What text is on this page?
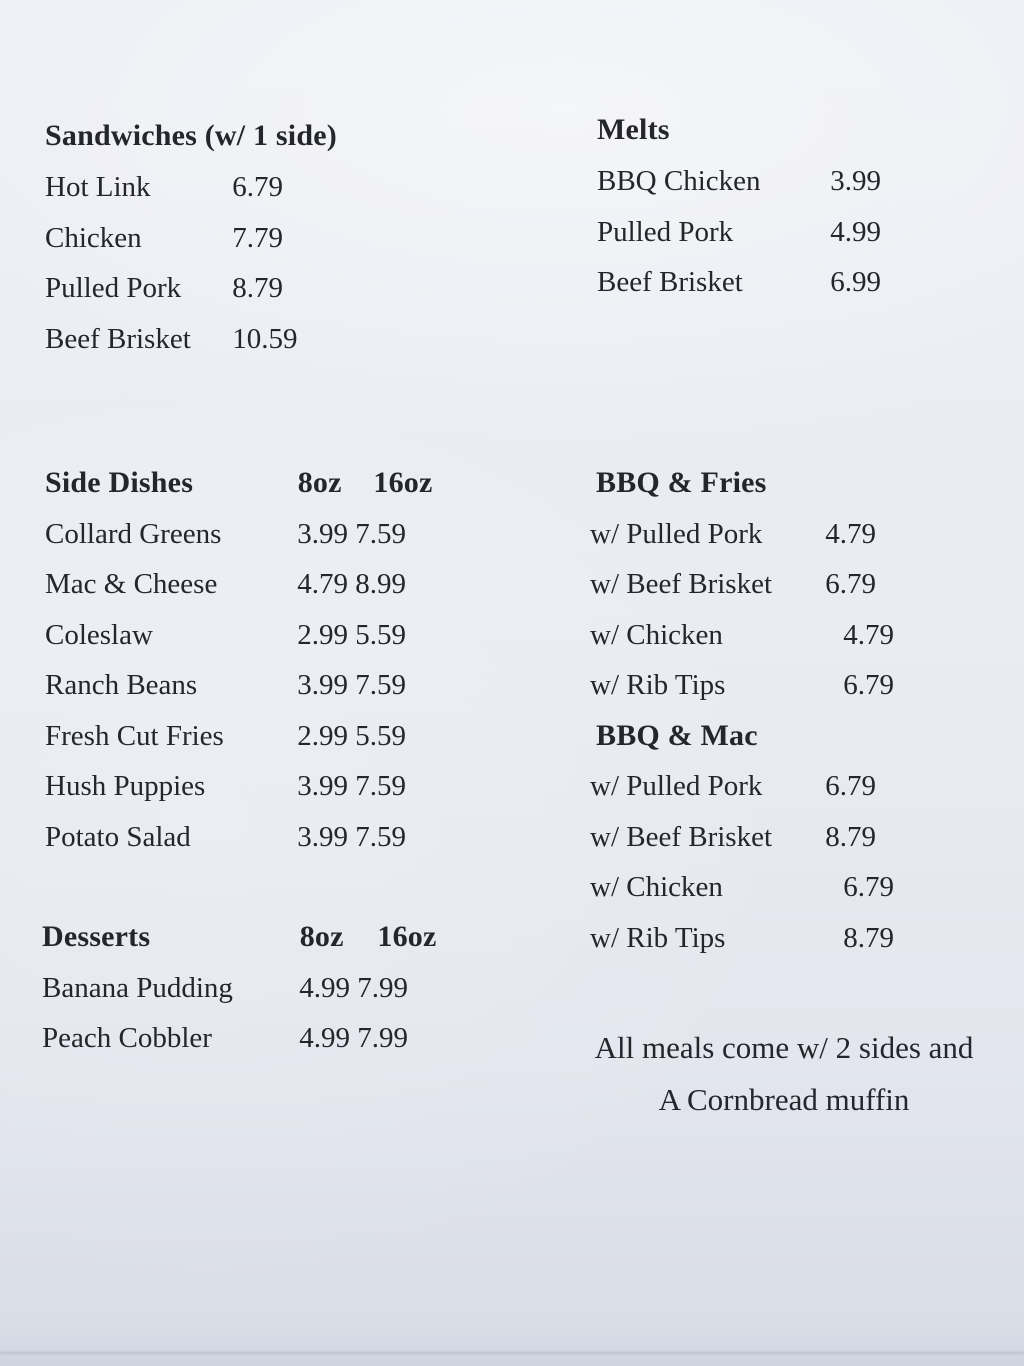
Sandwiches (w/ 1 side)
Hot Link	6.79
Chicken	7.79
Pulled Pork 8.79
Beef Brisket 10.59
Melts
BBQ Chicken 3.99
Pulled Pork	4.99
Beef Brisket	6.99
Side Dishes	8oz 16oz
Collard Greens	3.99 7.59
Mac & Cheese	4.79 8.99
Coleslaw	2.99 5.59
Ranch Beans	3.99 7.59
Fresh Cut Fries	2.99 5.59
Hush Puppies	3.99 7.59
Potato Salad	3.99 7.59
BBQ & Fries
w/ Pulled Pork 4.79
w/ Beef Brisket 6.79
w/ Chicken	4.79
w/ Rib Tips	6.79
BBQ & Mac
w/ Pulled Pork 6.79
w/ Beef Brisket 8.79
w/ Chicken	6.79
w/ Rib Tips	8.79
Desserts	8oz 16oz
Banana Pudding 4.99 7.99
Peach Cobbler	4.99 7.99	All meals come w/ 2 sides and
A Cornbread muffin
